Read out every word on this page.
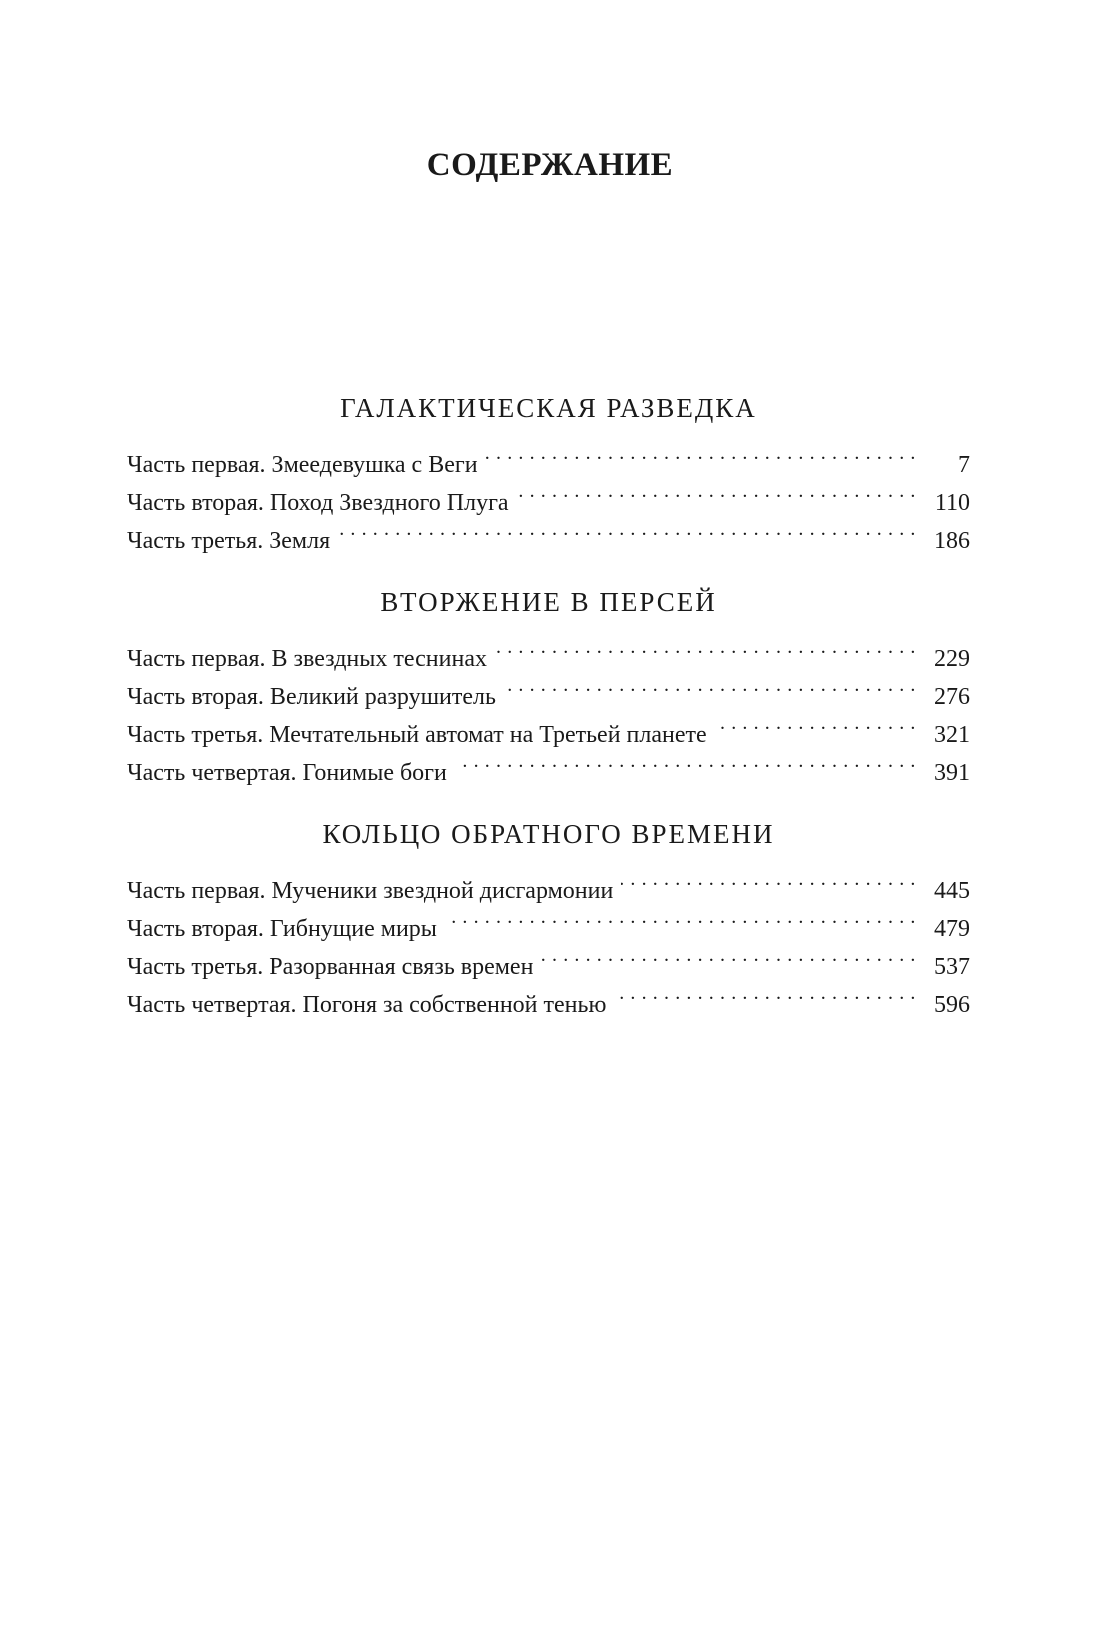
СОДЕРЖАНИЕ
ГАЛАКТИЧЕСКАЯ РАЗВЕДКА
Часть первая. Змеедевушка с Веги . . .	7
Часть вторая. Поход Звездного Плуга . . .	110
Часть третья. Земля . . .	186
ВТОРЖЕНИЕ В ПЕРСЕЙ
Часть первая. В звездных теснинах . . .	229
Часть вторая. Великий разрушитель . . .	276
Часть третья. Мечтательный автомат на Третьей планете . . .	321
Часть четвертая. Гонимые боги . . .	391
КОЛЬЦО ОБРАТНОГО ВРЕМЕНИ
Часть первая. Мученики звездной дисгармонии . . .	445
Часть вторая. Гибнущие миры . . .	479
Часть третья. Разорванная связь времен . . .	537
Часть четвертая. Погоня за собственной тенью . . .	596
